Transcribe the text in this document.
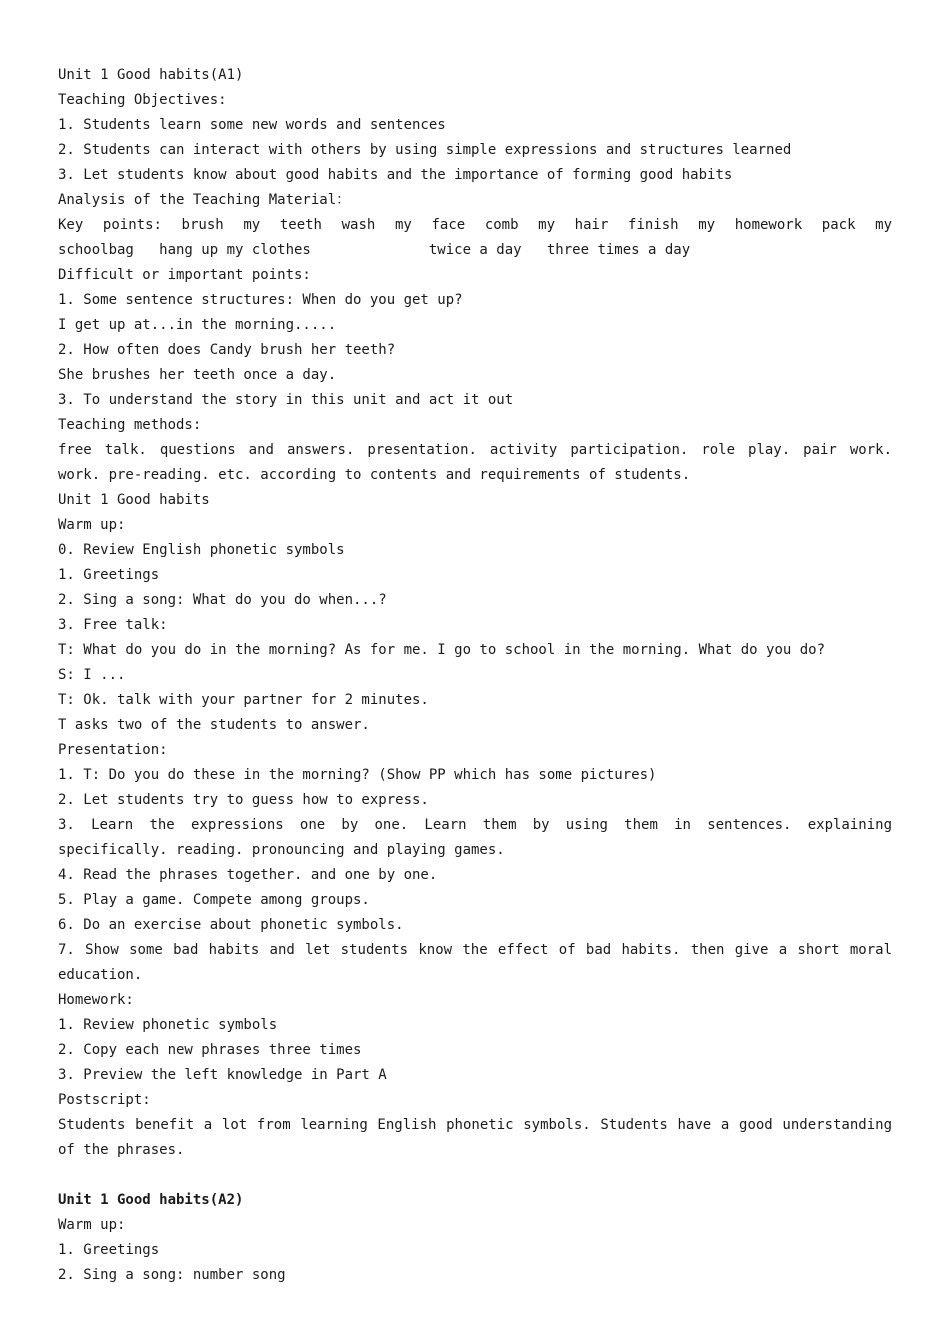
Unit 1 Good habits(A1)
Teaching Objectives:
1. Students learn some new words and sentences
2. Students can interact with others by using simple expressions and structures learned
3. Let students know about good habits and the importance of forming good habits
Analysis of the Teaching Material：
Key points: brush my teeth wash my face comb my hair finish my homework pack my
schoolbag   hang up my clothes              twice a day   three times a day
Difficult or important points:
1. Some sentence structures: When do you get up?
I get up at...in the morning.....
2. How often does Candy brush her teeth?
She brushes her teeth once a day.
3. To understand the story in this unit and act it out
Teaching methods:
free talk. questions and answers. presentation. activity participation. role play. pair work.
work. pre-reading. etc. according to contents and requirements of students.
Unit 1 Good habits
Warm up:
0. Review English phonetic symbols
1. Greetings
2. Sing a song: What do you do when...?
3. Free talk:
T: What do you do in the morning? As for me. I go to school in the morning. What do you do?
S: I ...
T: Ok. talk with your partner for 2 minutes.
T asks two of the students to answer.
Presentation:
1. T: Do you do these in the morning? (Show PP which has some pictures)
2. Let students try to guess how to express.
3. Learn the expressions one by one. Learn them by using them in sentences. explaining
specifically. reading. pronouncing and playing games.
4. Read the phrases together. and one by one.
5. Play a game. Compete among groups.
6. Do an exercise about phonetic symbols.
7. Show some bad habits and let students know the effect of bad habits. then give a short moral
education.
Homework:
1. Review phonetic symbols
2. Copy each new phrases three times
3. Preview the left knowledge in Part A
Postscript:
Students benefit a lot from learning English phonetic symbols. Students have a good understanding
of the phrases.
Unit 1 Good habits(A2)
Warm up:
1. Greetings
2. Sing a song: number song
